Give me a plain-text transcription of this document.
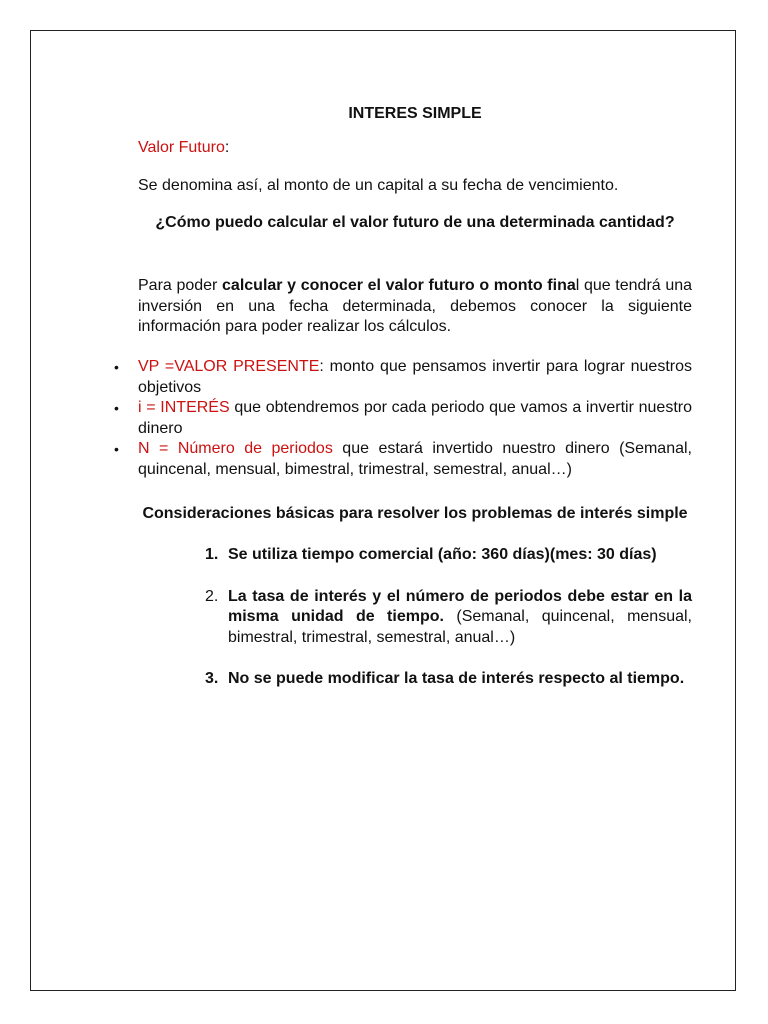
INTERES SIMPLE
Valor Futuro:
Se denomina así, al monto de un capital a su fecha de vencimiento.
¿Cómo puedo calcular el valor futuro de una determinada cantidad?
Para poder calcular y conocer el valor futuro o monto final que tendrá una inversión en una fecha determinada, debemos conocer la siguiente información para poder realizar los cálculos.
• VP =VALOR PRESENTE: monto que pensamos invertir para lograr nuestros objetivos
• i = INTERÉS que obtendremos por cada periodo que vamos a invertir nuestro dinero
• N = Número de periodos que estará invertido nuestro dinero (Semanal, quincenal, mensual, bimestral, trimestral, semestral, anual…)
Consideraciones básicas para resolver los problemas de interés simple
1. Se utiliza tiempo comercial (año: 360 días)(mes: 30 días)
2. La tasa de interés y el número de periodos debe estar en la misma unidad de tiempo. (Semanal, quincenal, mensual, bimestral, trimestral, semestral, anual…)
3. No se puede modificar la tasa de interés respecto al tiempo.
